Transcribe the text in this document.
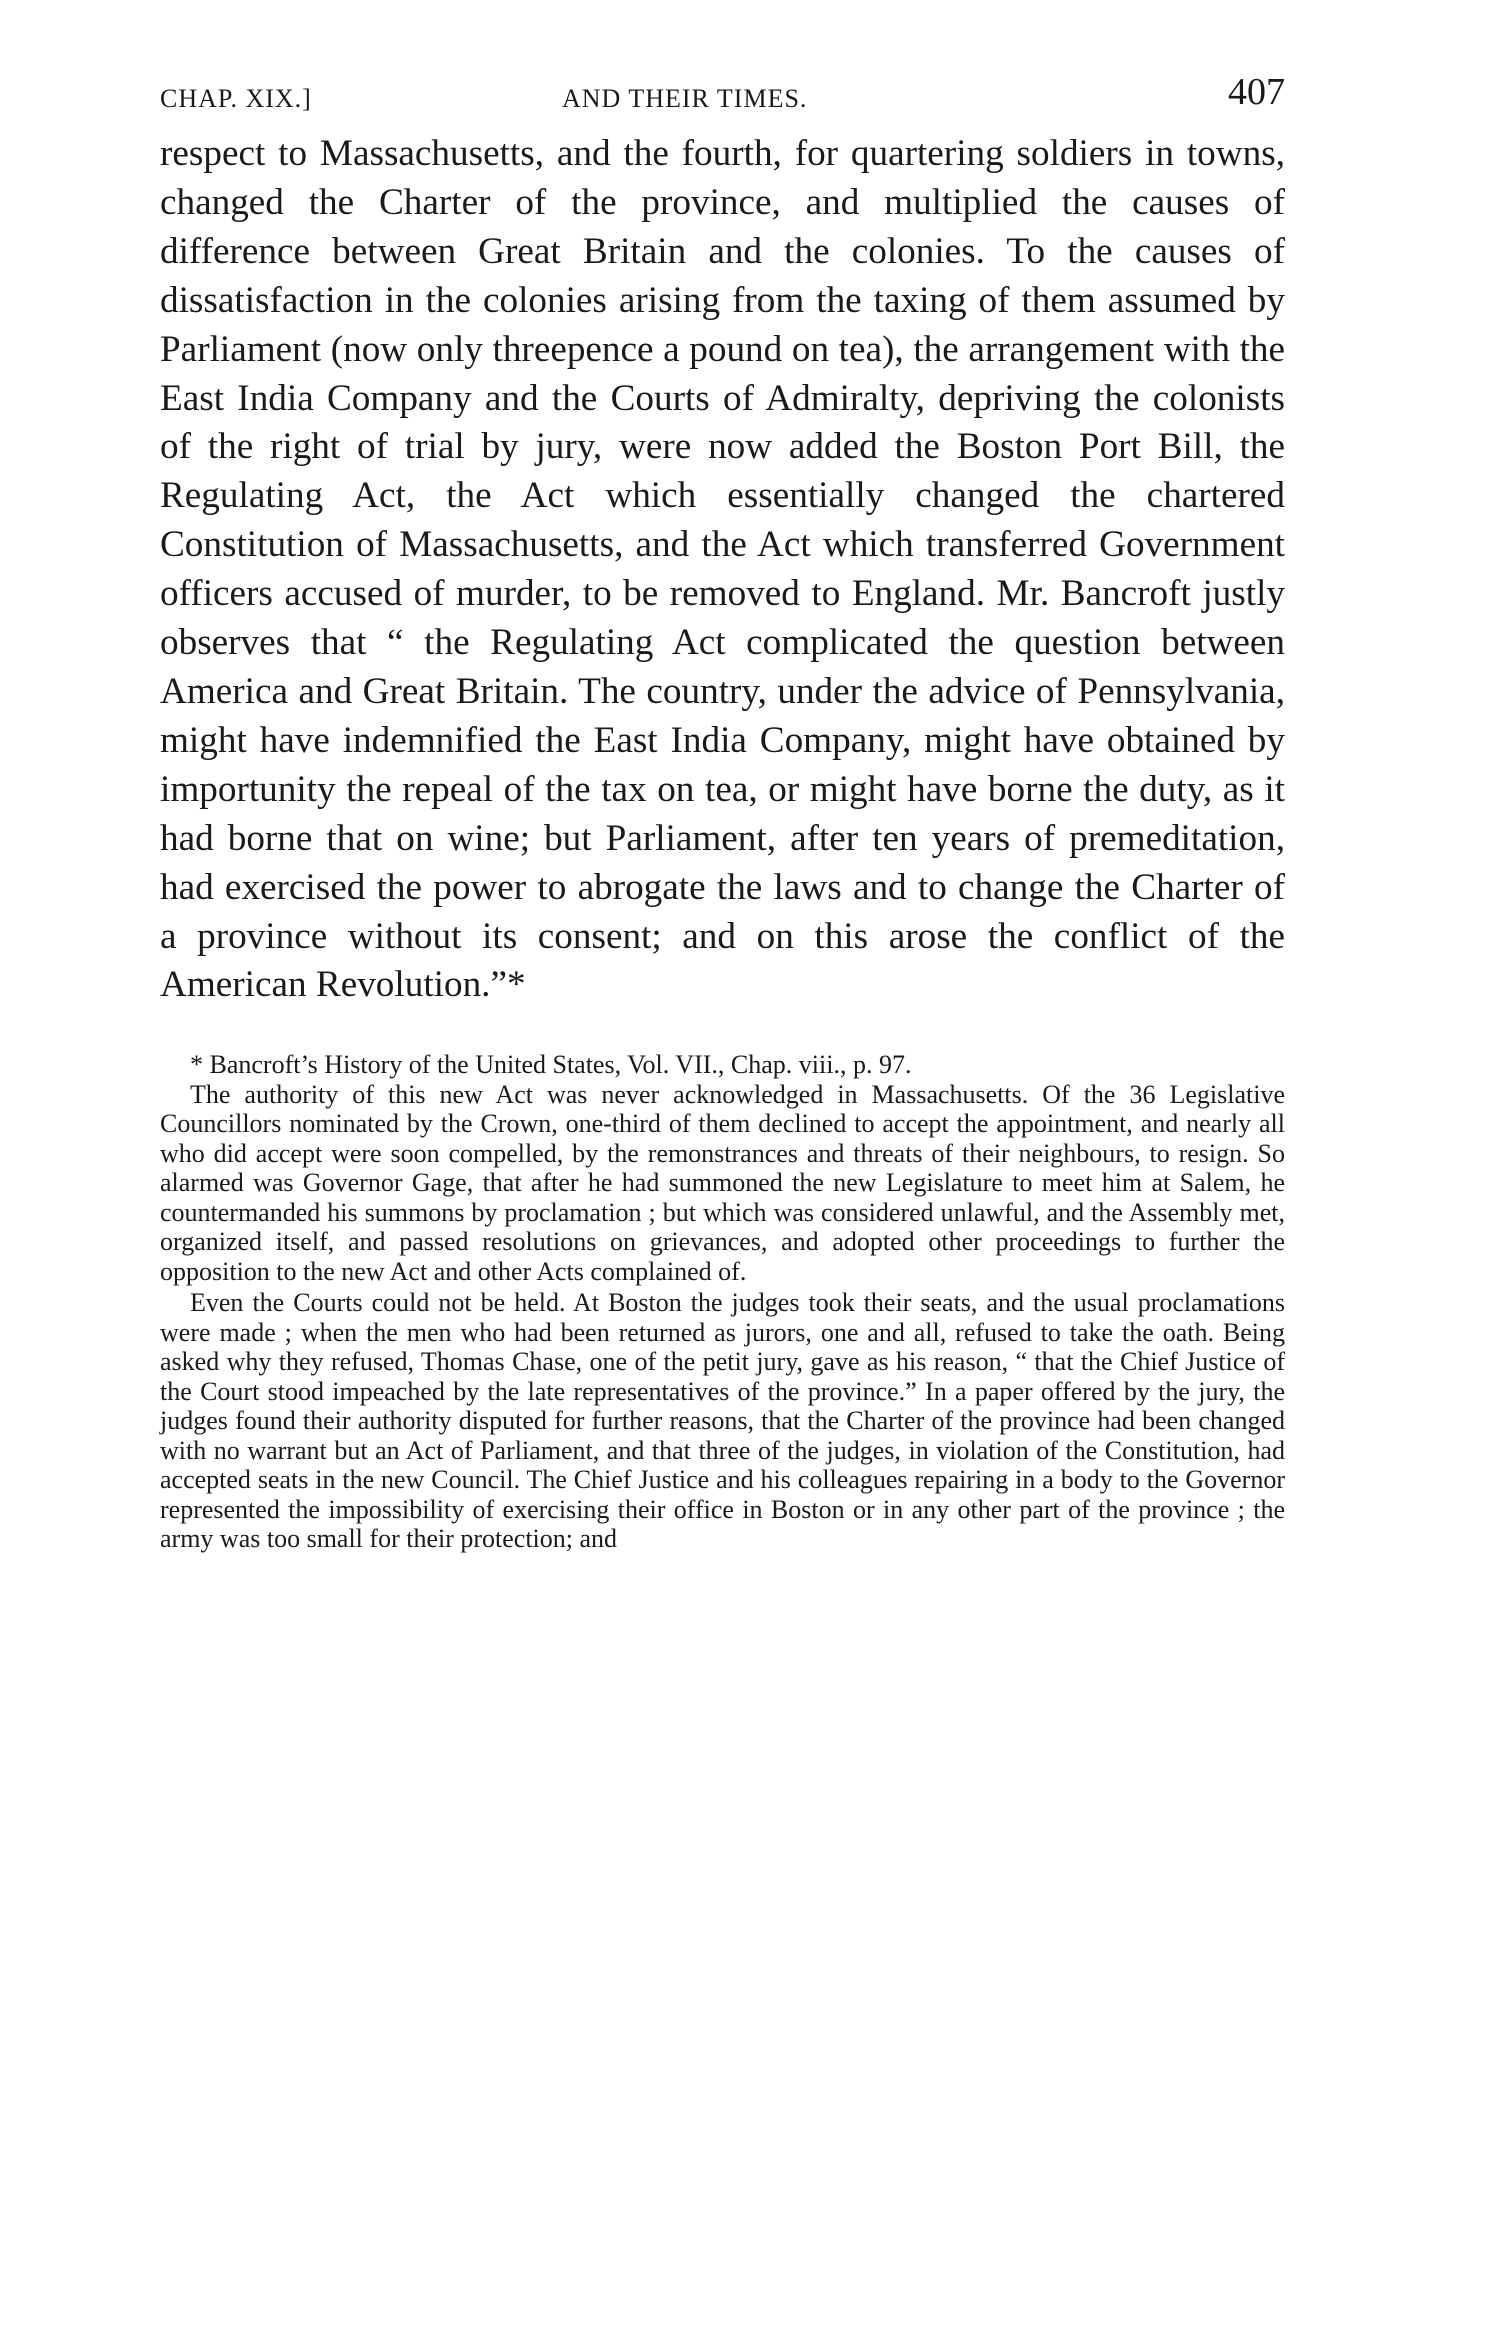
CHAP. XIX.]	AND THEIR TIMES.	407

respect to Massachusetts, and the fourth, for quartering soldiers in towns, changed the Charter of the province, and multiplied the causes of difference between Great Britain and the colonies. To the causes of dissatisfaction in the colonies arising from the taxing of them assumed by Parliament (now only threepence a pound on tea), the arrangement with the East India Company and the Courts of Admiralty, depriving the colonists of the right of trial by jury, were now added the Boston Port Bill, the Regulating Act, the Act which essentially changed the chartered Constitution of Massachusetts, and the Act which transferred Government officers accused of murder, to be removed to England. Mr. Bancroft justly observes that “ the Regulating Act complicated the question between America and Great Britain. The country, under the advice of Pennsylvania, might have indemnified the East India Company, might have obtained by importunity the repeal of the tax on tea, or might have borne the duty, as it had borne that on wine; but Parliament, after ten years of premeditation, had exercised the power to abrogate the laws and to change the Charter of a province without its consent; and on this arose the conflict of the American Revolution.”*

* Bancroft’s History of the United States, Vol. VII., Chap. viii., p. 97.

The authority of this new Act was never acknowledged in Massachusetts. Of the 36 Legislative Councillors nominated by the Crown, one-third of them declined to accept the appointment, and nearly all who did accept were soon compelled, by the remonstrances and threats of their neighbours, to resign. So alarmed was Governor Gage, that after he had summoned the new Legislature to meet him at Salem, he countermanded his summons by proclamation ; but which was considered unlawful, and the Assembly met, organized itself, and passed resolutions on grievances, and adopted other proceedings to further the opposition to the new Act and other Acts complained of.

Even the Courts could not be held. At Boston the judges took their seats, and the usual proclamations were made ; when the men who had been returned as jurors, one and all, refused to take the oath. Being asked why they refused, Thomas Chase, one of the petit jury, gave as his reason, “ that the Chief Justice of the Court stood impeached by the late representatives of the province.” In a paper offered by the jury, the judges found their authority disputed for further reasons, that the Charter of the province had been changed with no warrant but an Act of Parliament, and that three of the judges, in violation of the Constitution, had accepted seats in the new Council. The Chief Justice and his colleagues repairing in a body to the Governor represented the impossibility of exercising their office in Boston or in any other part of the province ; the army was too small for their protection; and
